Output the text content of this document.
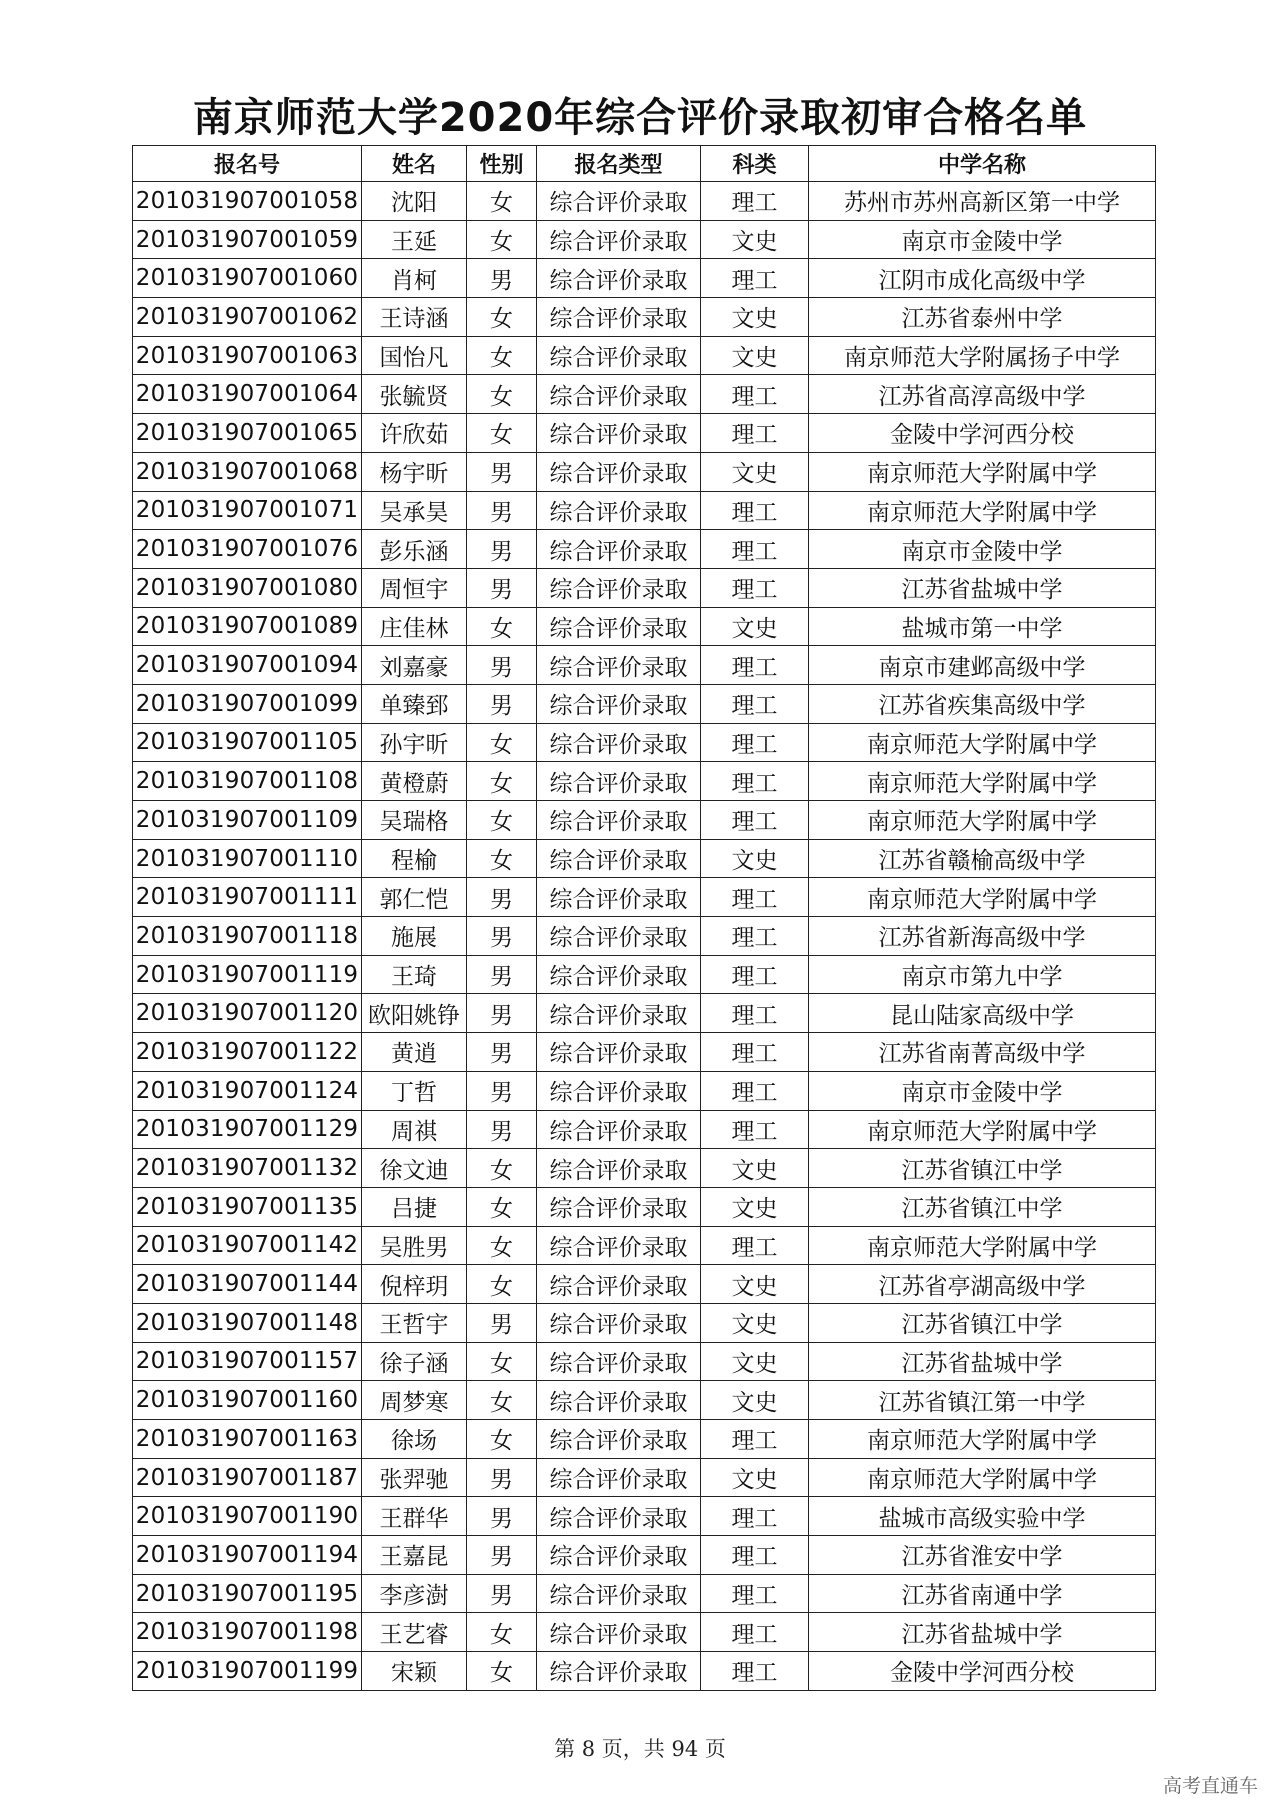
南京师范大学2020年综合评价录取初审合格名单
报名号	姓名	性别	报名类型	科类	中学名称
201031907001058	沈阳	女	综合评价录取	理工	苏州市苏州高新区第一中学
201031907001059	王延	女	综合评价录取	文史	南京市金陵中学
201031907001060	肖柯	男	综合评价录取	理工	江阴市成化高级中学
201031907001062	王诗涵	女	综合评价录取	文史	江苏省泰州中学
201031907001063	国怡凡	女	综合评价录取	文史	南京师范大学附属扬子中学
201031907001064	张毓贤	女	综合评价录取	理工	江苏省高淳高级中学
201031907001065	许欣茹	女	综合评价录取	理工	金陵中学河西分校
201031907001068	杨宇昕	男	综合评价录取	文史	南京师范大学附属中学
201031907001071	吴承昊	男	综合评价录取	理工	南京师范大学附属中学
201031907001076	彭乐涵	男	综合评价录取	理工	南京市金陵中学
201031907001080	周恒宇	男	综合评价录取	理工	江苏省盐城中学
201031907001089	庄佳林	女	综合评价录取	文史	盐城市第一中学
201031907001094	刘嘉豪	男	综合评价录取	理工	南京市建邺高级中学
201031907001099	单臻郅	男	综合评价录取	理工	江苏省疾集高级中学
201031907001105	孙宇昕	女	综合评价录取	理工	南京师范大学附属中学
201031907001108	黄橙蔚	女	综合评价录取	理工	南京师范大学附属中学
201031907001109	吴瑞格	女	综合评价录取	理工	南京师范大学附属中学
201031907001110	程榆	女	综合评价录取	文史	江苏省赣榆高级中学
201031907001111	郭仁恺	男	综合评价录取	理工	南京师范大学附属中学
201031907001118	施展	男	综合评价录取	理工	江苏省新海高级中学
201031907001119	王琦	男	综合评价录取	理工	南京市第九中学
201031907001120	欧阳姚铮	男	综合评价录取	理工	昆山陆家高级中学
201031907001122	黄逍	男	综合评价录取	理工	江苏省南菁高级中学
201031907001124	丁哲	男	综合评价录取	理工	南京市金陵中学
201031907001129	周祺	男	综合评价录取	理工	南京师范大学附属中学
201031907001132	徐文迪	女	综合评价录取	文史	江苏省镇江中学
201031907001135	吕捷	女	综合评价录取	文史	江苏省镇江中学
201031907001142	吴胜男	女	综合评价录取	理工	南京师范大学附属中学
201031907001144	倪梓玥	女	综合评价录取	文史	江苏省亭湖高级中学
201031907001148	王哲宇	男	综合评价录取	文史	江苏省镇江中学
201031907001157	徐子涵	女	综合评价录取	文史	江苏省盐城中学
201031907001160	周梦寒	女	综合评价录取	文史	江苏省镇江第一中学
201031907001163	徐场	女	综合评价录取	理工	南京师范大学附属中学
201031907001187	张羿驰	男	综合评价录取	文史	南京师范大学附属中学
201031907001190	王群华	男	综合评价录取	理工	盐城市高级实验中学
201031907001194	王嘉昆	男	综合评价录取	理工	江苏省淮安中学
201031907001195	李彦澍	男	综合评价录取	理工	江苏省南通中学
201031907001198	王艺睿	女	综合评价录取	理工	江苏省盐城中学
201031907001199	宋颖	女	综合评价录取	理工	金陵中学河西分校
第 8 页，共 94 页
高考直通车
